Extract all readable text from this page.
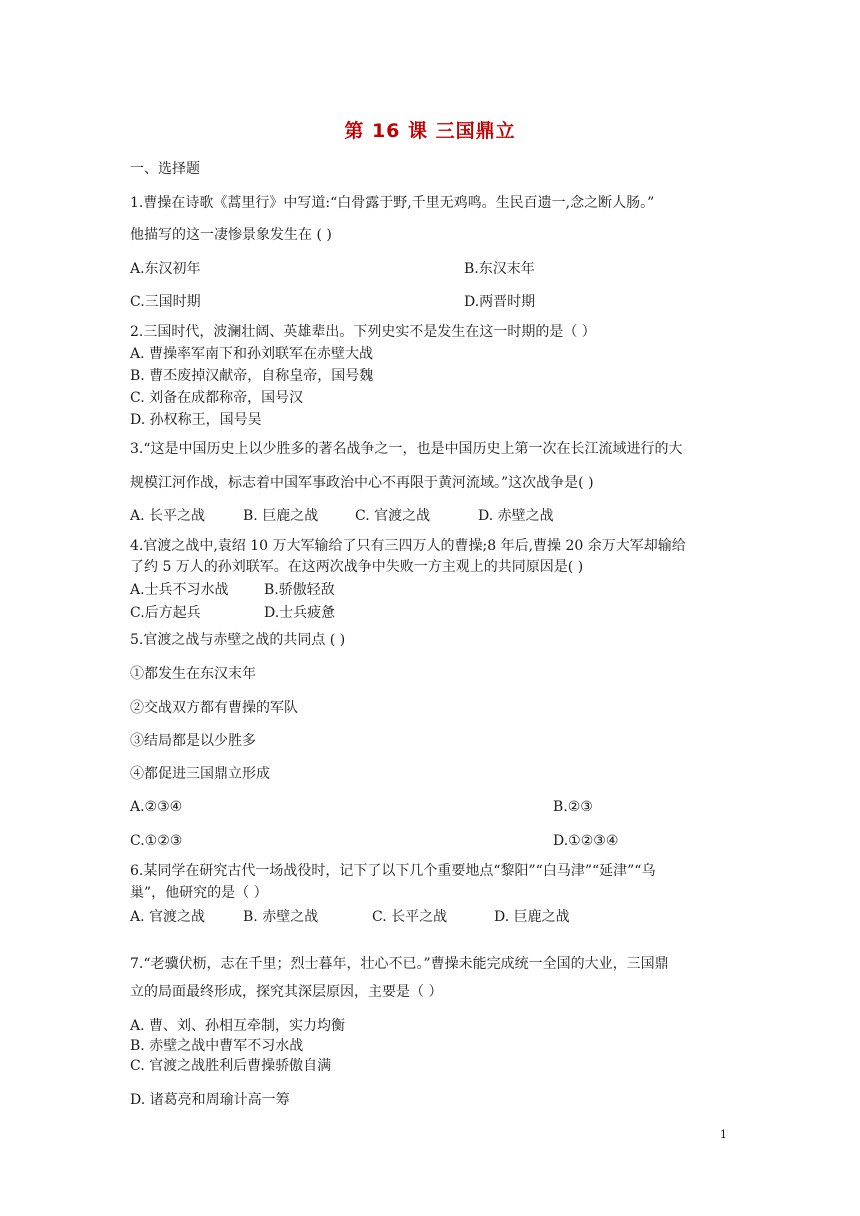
第 16 课 三国鼎立
一、选择题
1.曹操在诗歌《蒿里行》中写道:“白骨露于野,千里无鸡鸣。生民百遗一,念之断人肠。”
他描写的这一凄惨景象发生在 ( )
A.东汉初年	B.东汉末年
C.三国时期	D.两晋时期
2.三国时代，波澜壮阔、英雄辈出。下列史实不是发生在这一时期的是（ ）
A. 曹操率军南下和孙刘联军在赤壁大战
B. 曹丕废掉汉献帝，自称皇帝，国号魏
C. 刘备在成都称帝，国号汉
D. 孙权称王，国号吴
3.“这是中国历史上以少胜多的著名战争之一，也是中国历史上第一次在长江流域进行的大
规模江河作战，标志着中国军事政治中心不再限于黄河流域。”这次战争是( )
A. 长平之战	B. 巨鹿之战	C. 官渡之战	D. 赤壁之战
4.官渡之战中,袁绍 10 万大军输给了只有三四万人的曹操;8 年后,曹操 20 余万大军却输给
了约 5 万人的孙刘联军。在这两次战争中失败一方主观上的共同原因是( )
A.士兵不习水战	B.骄傲轻敌
C.后方起兵	D.士兵疲惫
5.官渡之战与赤壁之战的共同点 ( )
①都发生在东汉末年
②交战双方都有曹操的军队
③结局都是以少胜多
④都促进三国鼎立形成
A.②③④	B.②③
C.①②③	D.①②③④
6.某同学在研究古代一场战役时，记下了以下几个重要地点“黎阳”“白马津”“延津”“乌
巢”，他研究的是（ ）
A. 官渡之战	B. 赤壁之战	C. 长平之战	D. 巨鹿之战
7.“老骥伏枥，志在千里；烈士暮年，壮心不已。”曹操未能完成统一全国的大业，三国鼎
立的局面最终形成，探究其深层原因，主要是（ ）
A. 曹、刘、孙相互牵制，实力均衡
B. 赤壁之战中曹军不习水战
C. 官渡之战胜利后曹操骄傲自满
D. 诸葛亮和周瑜计高一筹
1
